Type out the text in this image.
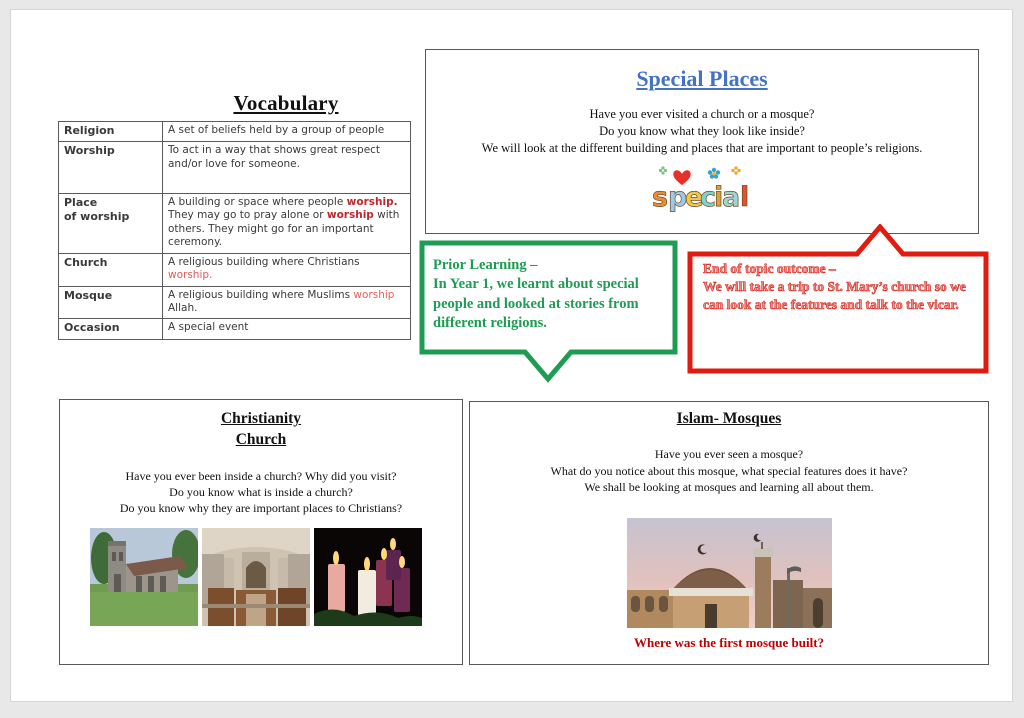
Vocabulary
Religion	A set of beliefs held by a group of people
Worship	To act in a way that shows great respect and/or love for someone.
Place
of worship	A building or space where people worship.
They may go to pray alone or worship with others. They might go for an important ceremony.
Church	A religious building where Christians worship.
Mosque	A religious building where Muslims worship Allah.
Occasion	A special event
Special Places
Have you ever visited a church or a mosque?
Do you know what they look like inside?
We will look at the different building and places that are important to people’s religions.
s p
e
c
i
a l
Prior Learning –
In Year 1, we learnt about special people and looked at stories from different religions.
End of topic outcome –
We will take a trip to St. Mary’s church so we can look at the features and talk to the vicar.
Christianity
Church
Have you ever been inside a church? Why did you visit?
Do you know what is inside a church?
Do you know why they are important places to Christians?
Islam- Mosques
Have you ever seen a mosque?
What do you notice about this mosque, what special features does it have?
We shall be looking at mosques and learning all about them.
Where was the first mosque built?
